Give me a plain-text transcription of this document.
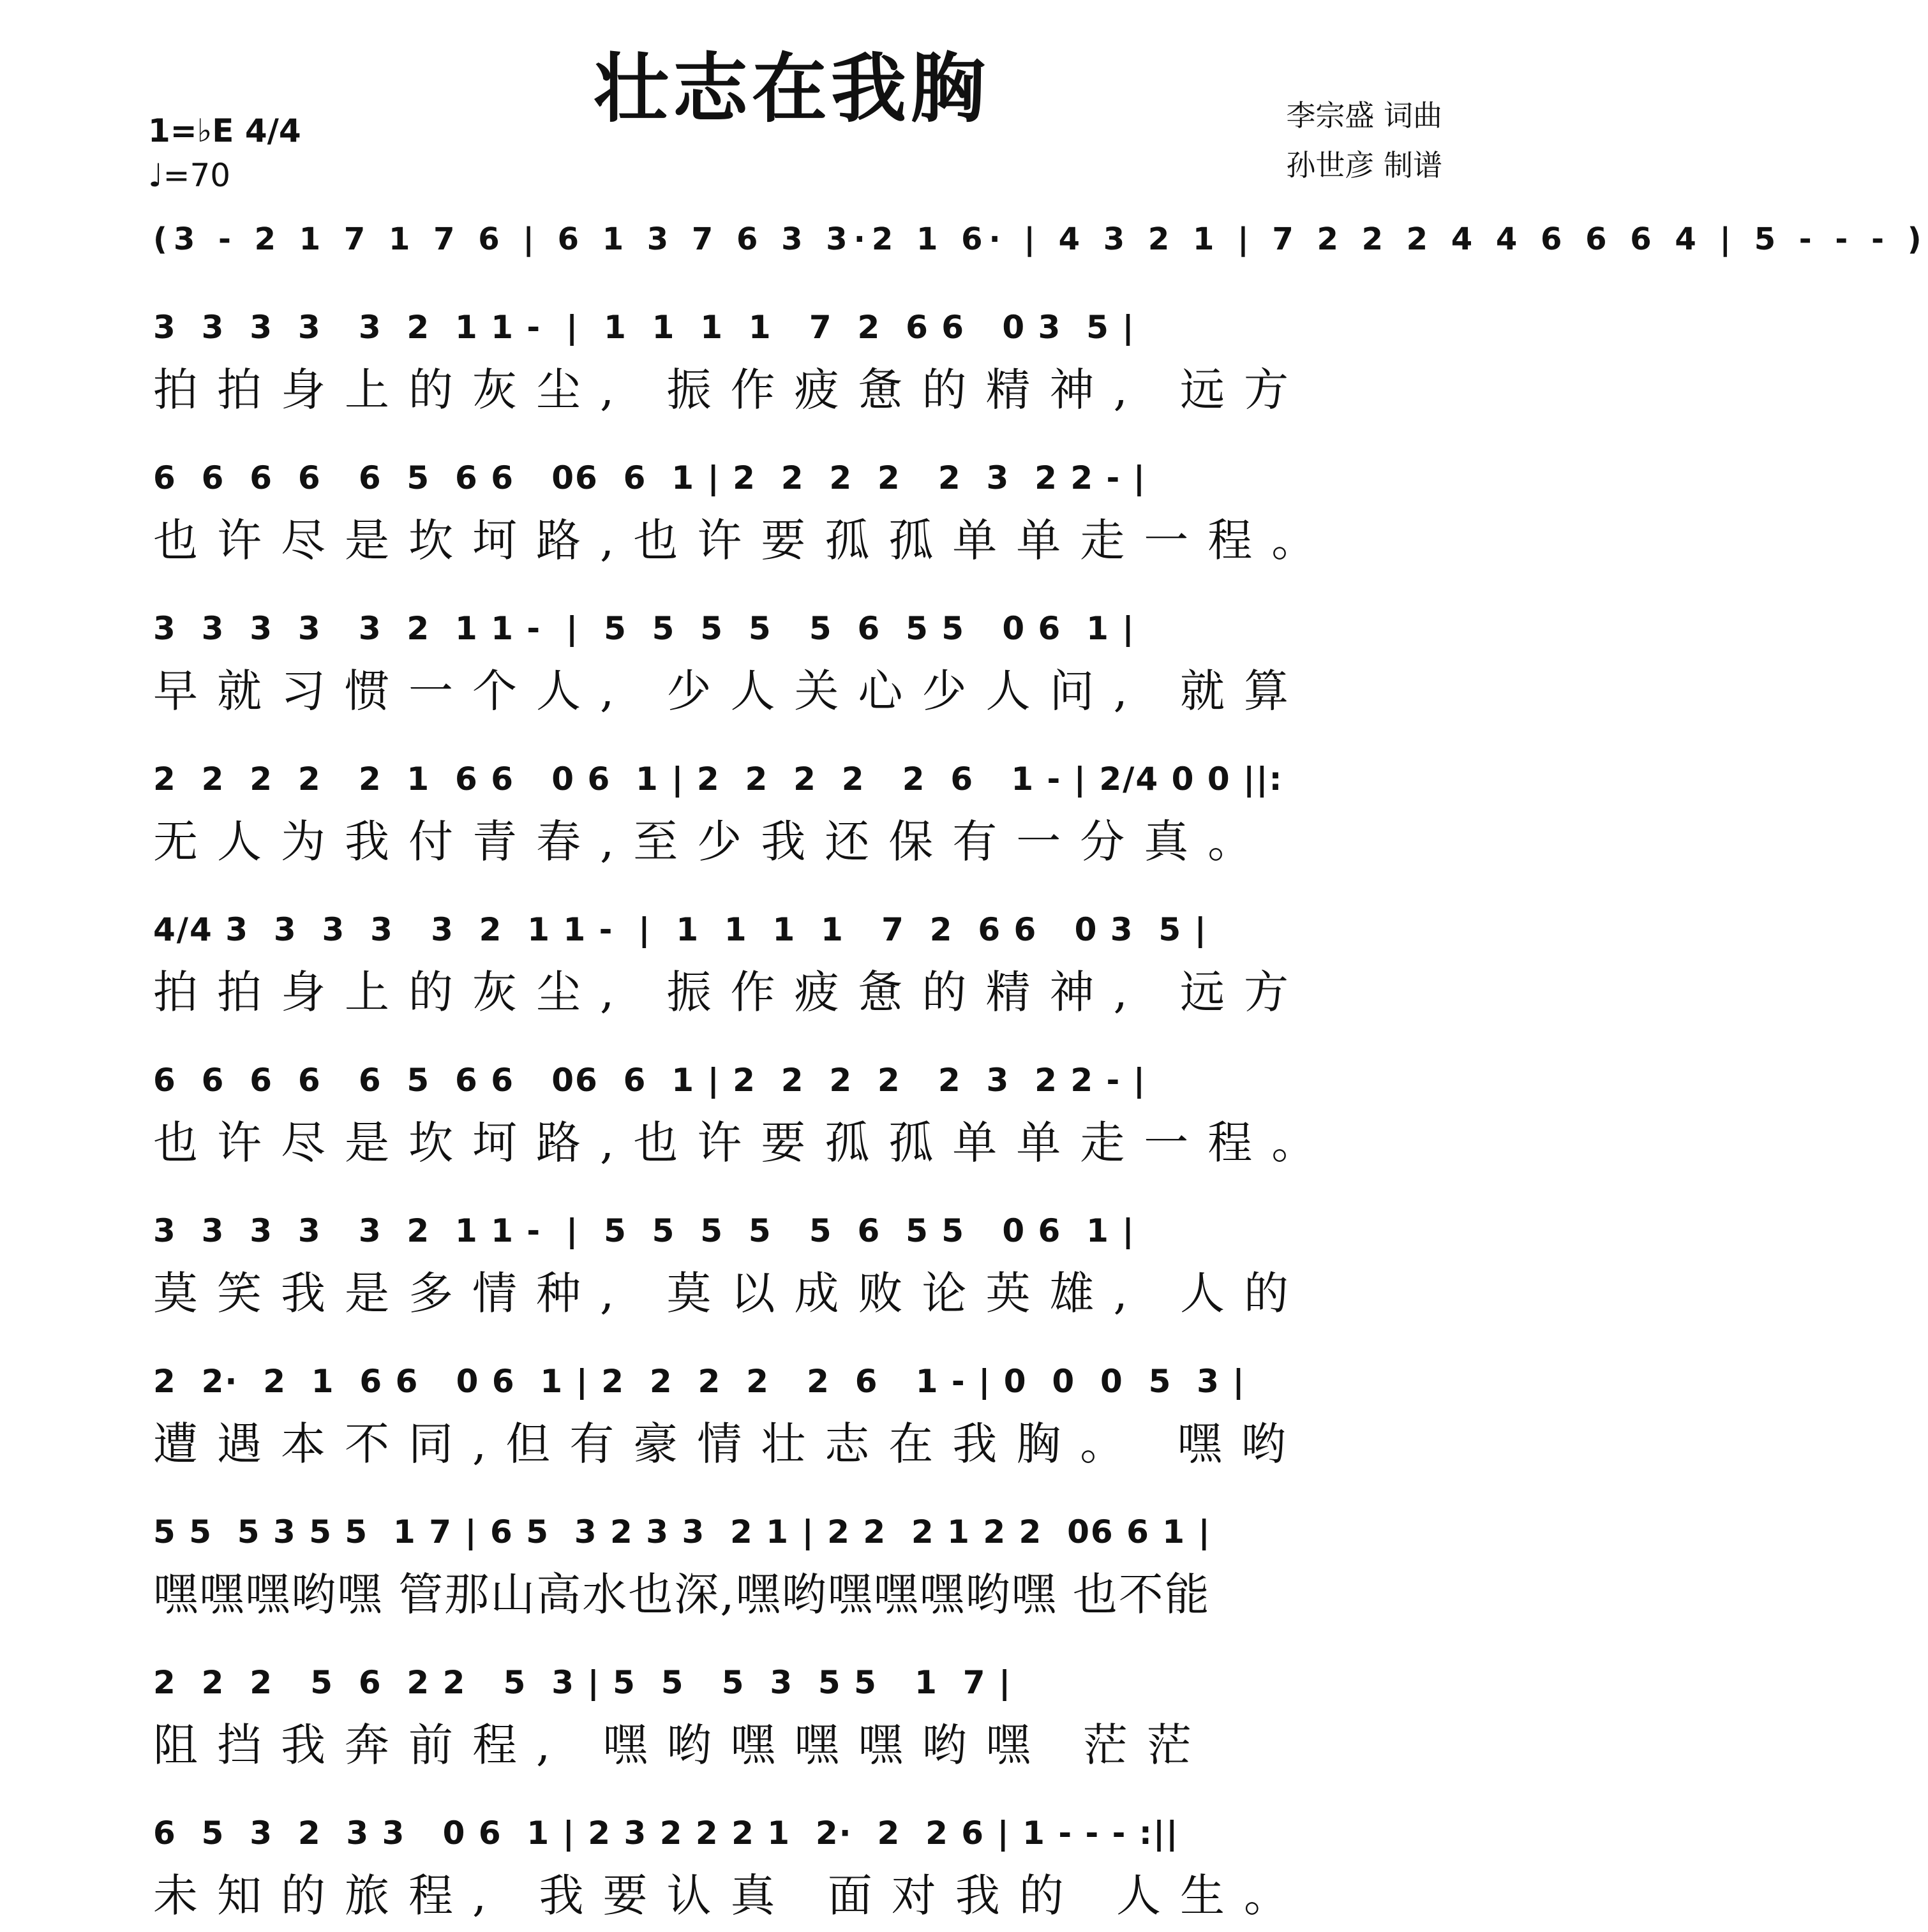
壮志在我胸	李宗盛 词曲
孙世彦 制谱
1=♭E 4/4
♩=70
(3 - 2 1 7 1 7 6 | 6 1 3 7 6 3 3·2 1 6· | 4 3 2 1 | 7 2 2 2 4 4 6 6 6 4 | 5 - - - )
3  3  3  3   3  2  1 1 -  |  1  1  1  1   7  2  6 6   0 3  5 |
拍拍身上的灰尘, 振作疲惫的精神, 远方
6  6  6  6   6  5  6 6   06  6  1 | 2  2  2  2   2  3  2 2 - |
也许尽是坎坷路,也许要孤孤单单走一程。
3  3  3  3   3  2  1 1 -  |  5  5  5  5   5  6  5 5   0 6  1 |
早就习惯一个人, 少人关心少人问, 就算
2  2  2  2   2  1  6 6   0 6  1 | 2  2  2  2   2  6   1 - | 2/4 0 0 ||:
无人为我付青春,至少我还保有一分真。
4/4 3  3  3  3   3  2  1 1 -  |  1  1  1  1   7  2  6 6   0 3  5 |
拍拍身上的灰尘, 振作疲惫的精神, 远方
6  6  6  6   6  5  6 6   06  6  1 | 2  2  2  2   2  3  2 2 - |
也许尽是坎坷路,也许要孤孤单单走一程。
3  3  3  3   3  2  1 1 -  |  5  5  5  5   5  6  5 5   0 6  1 |
莫笑我是多情种, 莫以成败论英雄, 人的
2  2·  2  1  6 6   0 6  1 | 2  2  2  2   2  6   1 - | 0  0  0  5  3 |
遭遇本不同,但有豪情壮志在我胸。 嘿哟
5 5  5 3 5 5  1 7 | 6 5  3 2 3 3  2 1 | 2 2  2 1 2 2  06 6 1 |
嘿嘿嘿哟嘿 管那山高水也深,嘿哟嘿嘿嘿哟嘿 也不能
2  2  2   5  6  2 2   5  3 | 5  5   5  3  5 5   1  7 |
阻挡我奔前程, 嘿哟嘿嘿嘿哟嘿 茫茫
6  5  3  2  3 3   0 6  1 | 2 3 2 2 2 1  2·  2  2 6 | 1 - - - :||
未知的旅程, 我要认真 面对我的 人生。
